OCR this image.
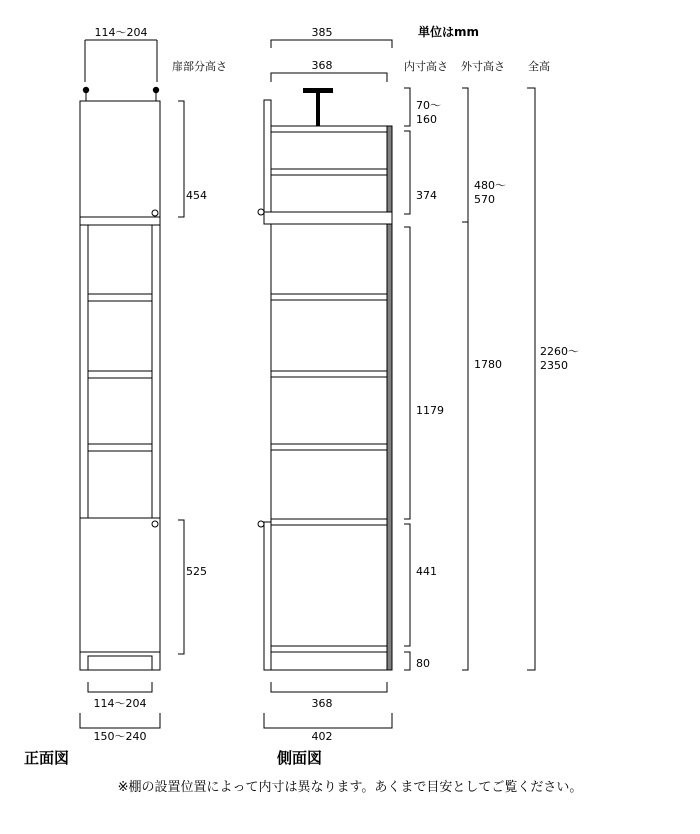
114～204
454
525
114～204
150～240
正面図
385
368
368
402
側面図
扉部分高さ
単位はmm
内寸高さ 外寸高さ 全高
70～
160
374
1179
441
80
480～
570
1780
2260～
2350
※棚の設置位置によって内寸は異なります。あくまで目安としてご覧ください。
